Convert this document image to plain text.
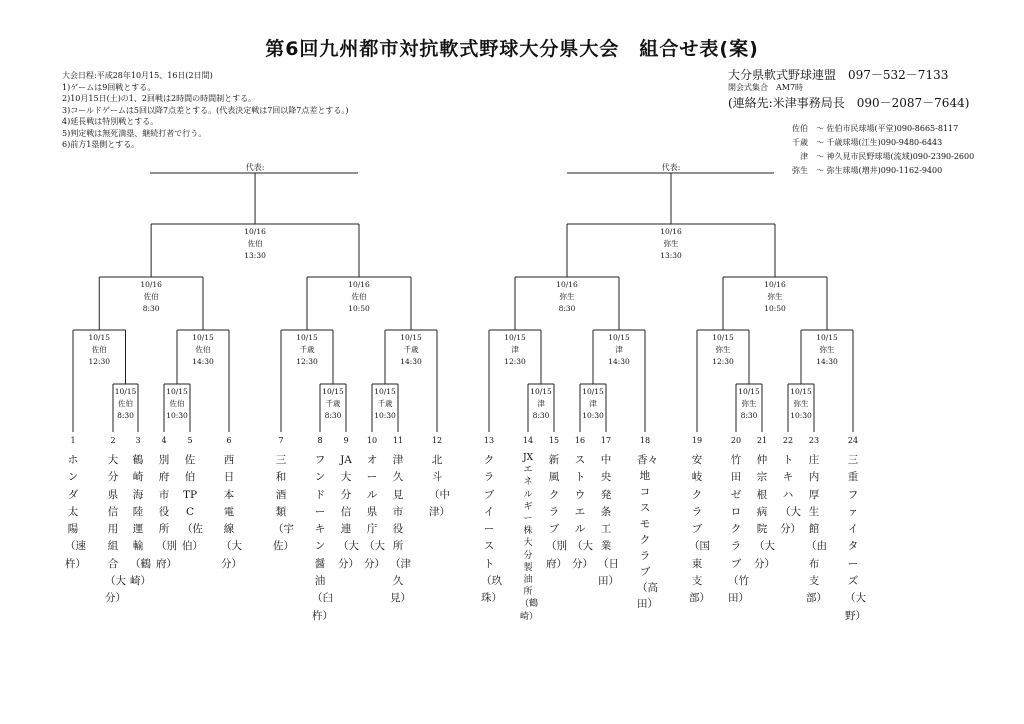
第6回九州都市対抗軟式野球大分県大会　組合せ表(案)
大会日程:平成28年10月15、16日(2日間)
1)ゲームは9回戦とする。
2)10月15日(土)の1、2回戦は2時間の時間制とする。
3)コールドゲームは5回以降7点差とする。(代表決定戦は7回以降7点差とする。)
4)延長戦は特別戦とする。
5)判定戦は無死満塁、継続打者で行う。
6)前方1塁側とする。
大分県軟式野球連盟　097－532－7133
開会式集合　AM7時
(連絡先:米津事務局長　090－2087－7644)
佐伯 ～ 佐伯市民球場(平堂)090-8665-8117
千歳 ～ 千歳球場(江生)090-9480-6443
津 ～ 神久見市民野球場(流域)090-2390-2600
弥生 ～ 弥生球場(増井)090-1162-9400
10/15
佐伯
8:30
10/15
佐伯
10:30
10/15
千歳
8:30
10/15
千歳
10:30
10/15
津
8:30
10/15
津
10:30
10/15
弥生
8:30
10/15
弥生
10:30
10/15
佐伯
12:30
10/15
佐伯
14:30
10/15
千歳
12:30
10/15
千歳
14:30
10/15
津
12:30
10/15
津
14:30
10/15
弥生
12:30
10/15
弥生
14:30
10/16
佐伯
8:30
10/16
佐伯
10:50
10/16
弥生
8:30
10/16
弥生
10:50
10/16
佐伯
13:30
10/16
弥生
13:30
代表:	代表:
1
ホンダ太陽（速杵）
2
大分県信用組合（大分）
3
鶴崎海陸運輸（鶴崎）
4
別府市役所（別府）
5
佐伯TPC（佐伯）
6
西日本電線（大分）
7
三和酒類（宇佐）
8
フンドーキン醤油（臼杵）
9
JA大分信連（大分）
10
オール県庁（大分）
11
津久見市役所（津久見）
12
北斗（中津）
13
クラブイースト（玖珠）
14
JXエネルギー株大分製油所（鶴崎）
15
新風クラブ（別府）
16
ストウエル（大分）
17
中央発条工業（日田）
18
香々地コスモクラブ（高田）
19
安岐クラブ（国東支部）
20
竹田ゼロクラブ（竹田）
21
仲宗根病院（大分）
22
トキハ（大分）
23
庄内厚生館（由布支部）
24
三重ファイターズ（大野）
